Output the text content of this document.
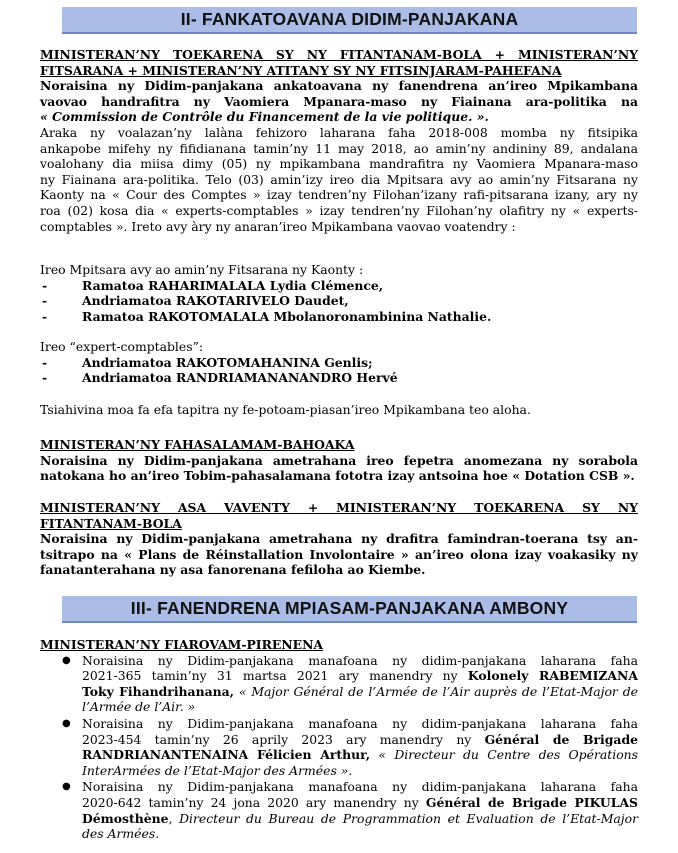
II- FANKATOAVANA DIDIM-PANJAKANA
MINISTERAN’NY TOEKARENA SY NY FITANTANAM-BOLA + MINISTERAN’NY
FITSARANA + MINISTERAN’NY ATITANY SY NY FITSINJARAM-PAHEFANA
Noraisina ny Didim-panjakana ankatoavana ny fanendrena an’ireo Mpikambana
vaovao handrafitra ny Vaomiera Mpanara-maso ny Fiainana ara-politika na
« Commission de Contrôle du Financement de la vie politique. ».
Araka ny voalazan’ny lalàna fehizoro laharana faha 2018-008 momba ny fitsipika
ankapobe mifehy ny fifidianana tamin’ny 11 may 2018, ao amin’ny andininy 89, andalana
voalohany dia miisa dimy (05) ny mpikambana mandrafitra ny Vaomiera Mpanara-maso
ny Fiainana ara-politika. Telo (03) amin’izy ireo dia Mpitsara avy ao amin’ny Fitsarana ny
Kaonty na « Cour des Comptes » izay tendren’ny Filohan’izany rafi-pitsarana izany, ary ny
roa (02) kosa dia « experts-comptables » izay tendren’ny Filohan’ny olafitry ny « experts-
comptables ». Ireto avy àry ny anaran’ireo Mpikambana vaovao voatendry :
Ireo Mpitsara avy ao amin’ny Fitsarana ny Kaonty :
- Ramatoa RAHARIMALALA Lydia Clémence,
- Andriamatoa RAKOTARIVELO Daudet,
- Ramatoa RAKOTOMALALA Mbolanoronambinina Nathalie.
Ireo “expert-comptables”:
- Andriamatoa RAKOTOMAHANINA Genlis;
- Andriamatoa RANDRIAMANANANDRO Hervé
Tsiahivina moa fa efa tapitra ny fe-potoam-piasan’ireo Mpikambana teo aloha.
MINISTERAN’NY FAHASALAMAM-BAHOAKA
Noraisina ny Didim-panjakana ametrahana ireo fepetra anomezana ny sorabola
natokana ho an’ireo Tobim-pahasalamana fototra izay antsoina hoe « Dotation CSB ».
MINISTERAN’NY ASA VAVENTY + MINISTERAN’NY TOEKARENA SY NY
FITANTANAM-BOLA
Noraisina ny Didim-panjakana ametrahana ny drafitra famindran-toerana tsy an-
tsitrapo na « Plans de Réinstallation Involontaire » an’ireo olona izay voakasiky ny
fanatanterahana ny asa fanorenana fefiloha ao Kiembe.
III- FANENDRENA MPIASAM-PANJAKANA AMBONY
MINISTERAN’NY FIAROVAM-PIRENENA
● Noraisina ny Didim-panjakana manafoana ny didim-panjakana laharana faha
2021-365 tamin’ny 31 martsa 2021 ary manendry ny Kolonely RABEMIZANA
Toky Fihandrihanana, « Major Général de l’Armée de l’Air auprès de l’Etat-Major de
l’Armée de l’Air. »
● Noraisina ny Didim-panjakana manafoana ny didim-panjakana laharana faha
2023-454 tamin’ny 26 aprily 2023 ary manendry ny Général de Brigade
RANDRIANANTENAINA Félicien Arthur, « Directeur du Centre des Opérations
InterArmées de l’Etat-Major des Armées ».
● Noraisina ny Didim-panjakana manafoana ny didim-panjakana laharana faha
2020-642 tamin’ny 24 jona 2020 ary manendry ny Général de Brigade PIKULAS
Démosthène, Directeur du Bureau de Programmation et Evaluation de l’Etat-Major
des Armées.
